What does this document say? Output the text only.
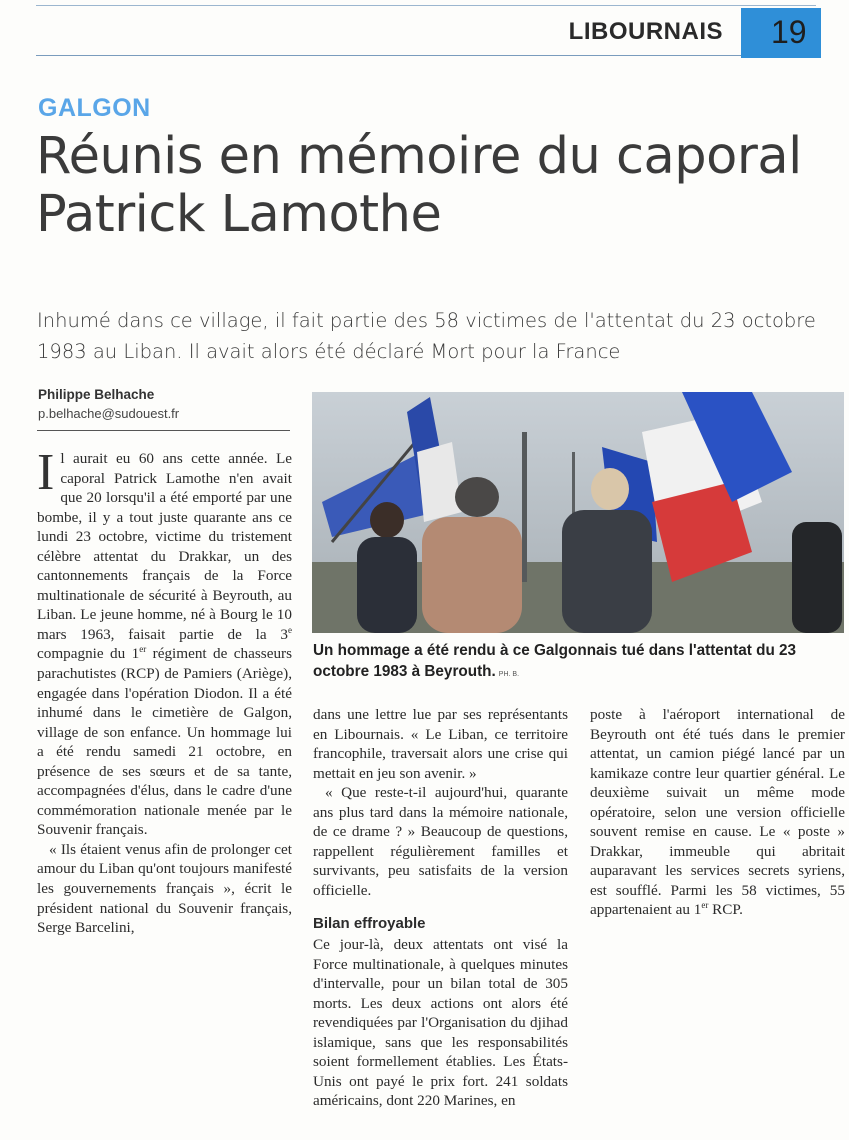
LIBOURNAIS 19
GALGON
Réunis en mémoire du caporal Patrick Lamothe
Inhumé dans ce village, il fait partie des 58 victimes de l'attentat du 23 octobre 1983 au Liban. Il avait alors été déclaré Mort pour la France
Philippe Belhache
p.belhache@sudouest.fr
Un hommage a été rendu à ce Galgonnais tué dans l'attentat du 23 octobre 1983 à Beyrouth. PH. B.

Il aurait eu 60 ans cette année. Le caporal Patrick Lamothe n'en avait que 20 lorsqu'il a été emporté par une bombe, il y a tout juste quarante ans ce lundi 23 octobre, victime du tristement célèbre attentat du Drakkar, un des cantonnements français de la Force multinationale de sécurité à Beyrouth, au Liban. Le jeune homme, né à Bourg le 10 mars 1963, faisait partie de la 3e compagnie du 1er régiment de chasseurs parachutistes (RCP) de Pamiers (Ariège), engagée dans l'opération Diodon. Il a été inhumé dans le cimetière de Galgon, village de son enfance. Un hommage lui a été rendu samedi 21 octobre, en présence de ses sœurs et de sa tante, accompagnées d'élus, dans le cadre d'une commémoration nationale menée par le Souvenir français.

« Ils étaient venus afin de prolonger cet amour du Liban qu'ont toujours manifesté les gouvernements français », écrit le président national du Souvenir français, Serge Barcelini,

dans une lettre lue par ses représentants en Libournais. « Le Liban, ce territoire francophile, traversait alors une crise qui mettait en jeu son avenir. »

« Que reste-t-il aujourd'hui, quarante ans plus tard dans la mémoire nationale, de ce drame ? » Beaucoup de questions, rappellent régulièrement familles et survivants, peu satisfaits de la version officielle.

Bilan effroyable

Ce jour-là, deux attentats ont visé la Force multinationale, à quelques minutes d'intervalle, pour un bilan total de 305 morts. Les deux actions ont alors été revendiquées par l'Organisation du djihad islamique, sans que les responsabilités soient formellement établies. Les États-Unis ont payé le prix fort. 241 soldats américains, dont 220 Marines, en

poste à l'aéroport international de Beyrouth ont été tués dans le premier attentat, un camion piégé lancé par un kamikaze contre leur quartier général. Le deuxième suivait un même mode opératoire, selon une version officielle souvent remise en cause. Le « poste » Drakkar, immeuble qui abritait auparavant les services secrets syriens, est soufflé. Parmi les 58 victimes, 55 appartenaient au 1er RCP.
